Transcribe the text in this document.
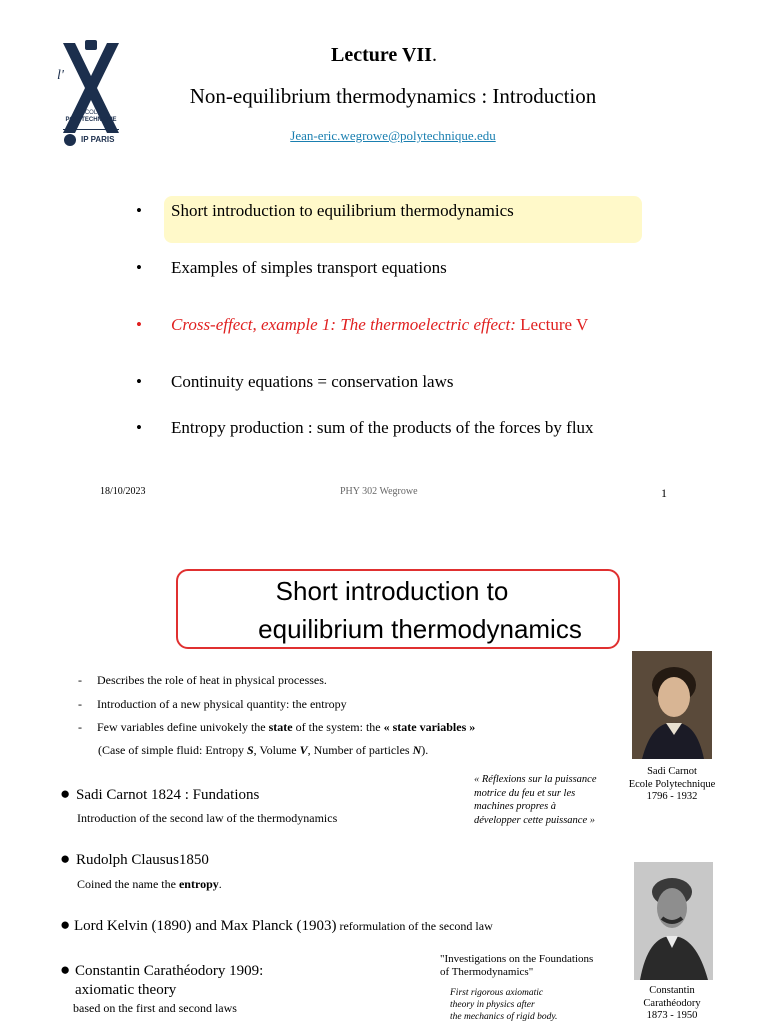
l'
ÉCOLE
POLYTECHNIQUE
IP PARIS
Lecture VII.
Non-equilibrium thermodynamics : Introduction
Jean-eric.wegrowe@polytechnique.edu
• Short introduction to equilibrium thermodynamics
• Examples of simples transport equations
• Cross-effect, example 1: The thermoelectric effect: Lecture V
• Continuity equations = conservation laws
• Entropy production : sum of the products of the forces by flux
18/10/2023	PHY 302 Wegrowe	1
Short introduction to
equilibrium thermodynamics
- Describes the role of heat in physical processes.
- Introduction of a new physical quantity: the entropy
- Few variables define univokely the state of the system: the « state variables »
(Case of simple fluid: Entropy S, Volume V, Number of particles N).
● Sadi Carnot 1824 : Fundations
Introduction of the second law of the thermodynamics
« Réflexions sur la puissance
motrice du feu et sur les
machines propres à
développer cette puissance »
Sadi Carnot
Ecole Polytechnique
1796 - 1932
● Rudolph Clausus1850
Coined the name the entropy.
● Lord Kelvin (1890) and Max Planck (1903) reformulation of the second law
● Constantin Carathéodory 1909:
axiomatic theory
based on the first and second laws
"Investigations on the Foundations
of Thermodynamics"
First rigorous axiomatic
theory in physics after
the mechanics of rigid body.
Constantin
Carathéodory
1873 - 1950
